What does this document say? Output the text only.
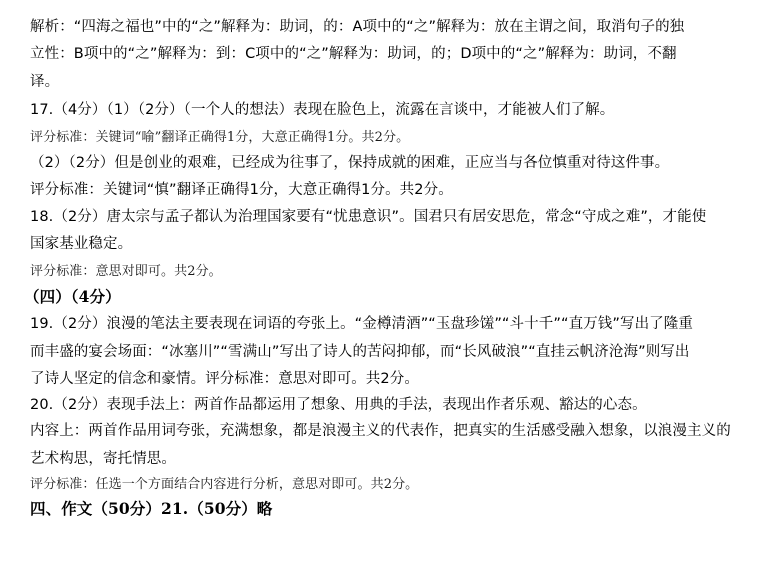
解析：“四海之福也”中的“之”解释为：助词，的：A项中的“之”解释为：放在主谓之间，取消句子的独
立性：B项中的“之”解释为：到：C项中的“之”解释为：助词，的；D项中的“之”解释为：助词，不翻
译。
17.（4分）（1）（2分）（一个人的想法）表现在脸色上，流露在言谈中，才能被人们了解。
评分标准：关键词“喻”翻译正确得1分，大意正确得1分。共2分。
（2）（2分）但是创业的艰难，已经成为往事了，保持成就的困难，正应当与各位慎重对待这件事。
评分标准：关键词“慎”翻译正确得1分，大意正确得1分。共2分。
18.（2分）唐太宗与孟子都认为治理国家要有“忧患意识”。国君只有居安思危，常念“守成之难”，才能使
国家基业稳定。
评分标准：意思对即可。共2分。
（四）（4分）
19.（2分）浪漫的笔法主要表现在词语的夸张上。“金樽清酒”“玉盘珍馐”“斗十千”“直万钱”写出了隆重
而丰盛的宴会场面：“冰塞川”“雪满山”写出了诗人的苦闷抑郁，而“长风破浪”“直挂云帆济沧海”则写出
了诗人坚定的信念和豪情。评分标准：意思对即可。共2分。
20.（2分）表现手法上：两首作品都运用了想象、用典的手法，表现出作者乐观、豁达的心态。
内容上：两首作品用词夸张，充满想象，都是浪漫主义的代表作，把真实的生活感受融入想象，以浪漫主义的
艺术构思，寄托情思。
评分标准：任选一个方面结合内容进行分析，意思对即可。共2分。
四、作文（50分）21.（50分）略
